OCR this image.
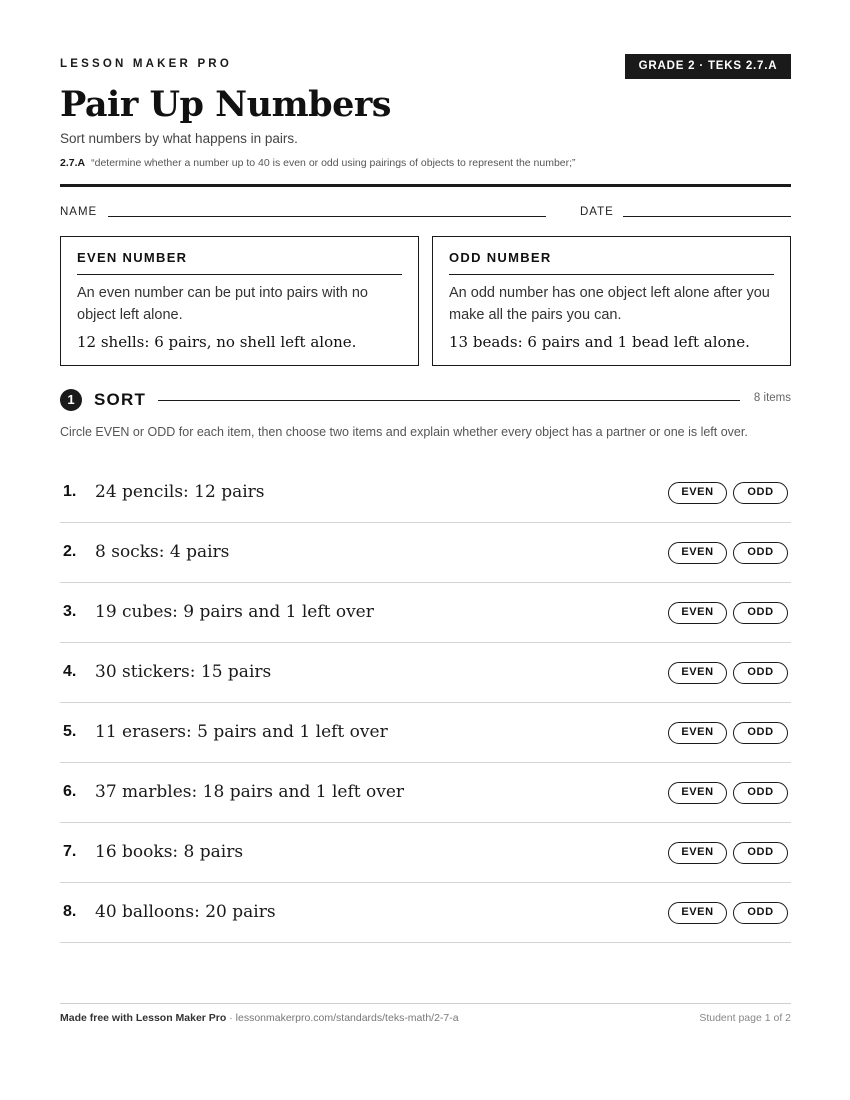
LESSON MAKER PRO	GRADE 2 · TEKS 2.7.A
Pair Up Numbers
Sort numbers by what happens in pairs.
2.7.A “determine whether a number up to 40 is even or odd using pairings of objects to represent the number;”
NAME	DATE
EVEN NUMBER
An even number can be put into pairs with no object left alone.
12 shells: 6 pairs, no shell left alone.
ODD NUMBER
An odd number has one object left alone after you make all the pairs you can.
13 beads: 6 pairs and 1 bead left alone.
1	SORT	8 items
Circle EVEN or ODD for each item, then choose two items and explain whether every object has a partner or one is left over.
1. 24 pencils: 12 pairs	EVEN	ODD
2. 8 socks: 4 pairs	EVEN	ODD
3. 19 cubes: 9 pairs and 1 left over	EVEN	ODD
4. 30 stickers: 15 pairs	EVEN	ODD
5. 11 erasers: 5 pairs and 1 left over	EVEN	ODD
6. 37 marbles: 18 pairs and 1 left over	EVEN	ODD
7. 16 books: 8 pairs	EVEN	ODD
8. 40 balloons: 20 pairs	EVEN	ODD
Made free with Lesson Maker Pro · lessonmakerpro.com/standards/teks-math/2-7-a	Student page 1 of 2
